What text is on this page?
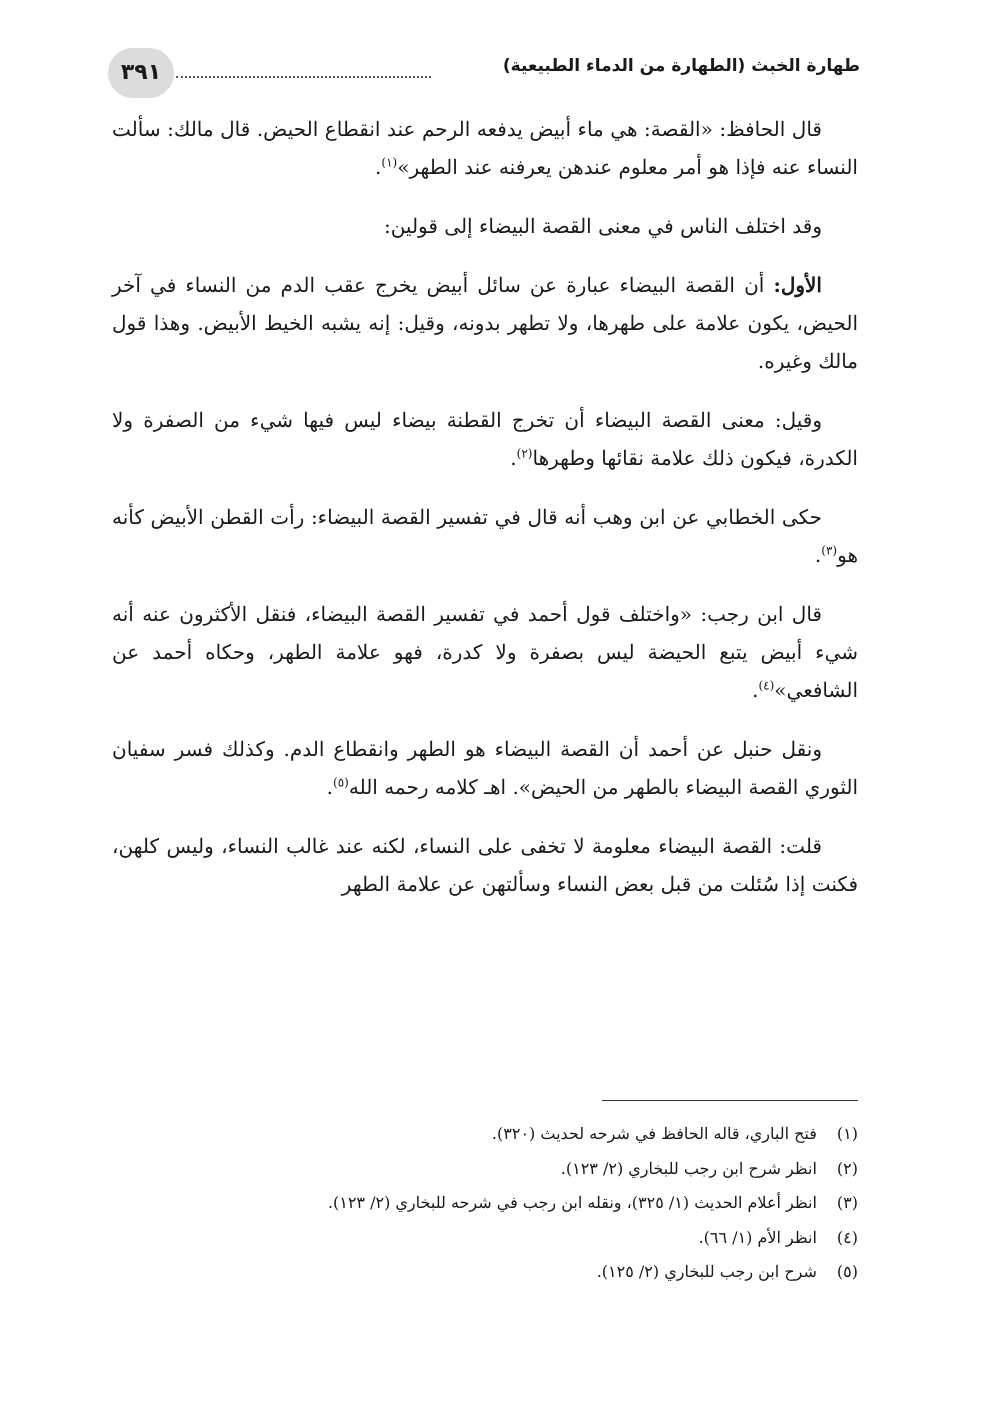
٣٩١	طهارة الخبث (الطهارة من الدماء الطبيعية)

قال الحافظ: «القصة: هي ماء أبيض يدفعه الرحم عند انقطاع الحيض. قال مالك: سألت النساء عنه فإذا هو أمر معلوم عندهن يعرفنه عند الطهر»$^{(١)}$.

وقد اختلف الناس في معنى القصة البيضاء إلى قولين:

الأول: أن القصة البيضاء عبارة عن سائل أبيض يخرج عقب الدم من النساء في آخر الحيض، يكون علامة على طهرها، ولا تطهر بدونه، وقيل: إنه يشبه الخيط الأبيض. وهذا قول مالك وغيره.

وقيل: معنى القصة البيضاء أن تخرج القطنة بيضاء ليس فيها شيء من الصفرة ولا الكدرة، فيكون ذلك علامة نقائها وطهرها$^{(٢)}$.

حكى الخطابي عن ابن وهب أنه قال في تفسير القصة البيضاء: رأت القطن الأبيض كأنه هو$^{(٣)}$.

قال ابن رجب: «واختلف قول أحمد في تفسير القصة البيضاء، فنقل الأكثرون عنه أنه شيء أبيض يتبع الحيضة ليس بصفرة ولا كدرة، فهو علامة الطهر، وحكاه أحمد عن الشافعي»$^{(٤)}$.

ونقل حنبل عن أحمد أن القصة البيضاء هو الطهر وانقطاع الدم. وكذلك فسر سفيان الثوري القصة البيضاء بالطهر من الحيض». اهـ كلامه رحمه الله$^{(٥)}$.

قلت: القصة البيضاء معلومة لا تخفى على النساء، لكنه عند غالب النساء، وليس كلهن، فكنت إذا سُئلت من قبل بعض النساء وسألتهن عن علامة الطهر

(١) فتح الباري، قاله الحافظ في شرحه لحديث (٣٢٠).
(٢) انظر شرح ابن رجب للبخاري (٢/ ١٢٣).
(٣) انظر أعلام الحديث (١/ ٣٢٥)، ونقله ابن رجب في شرحه للبخاري (٢/ ١٢٣).
(٤) انظر الأم (١/ ٦٦).
(٥) شرح ابن رجب للبخاري (٢/ ١٢٥).
